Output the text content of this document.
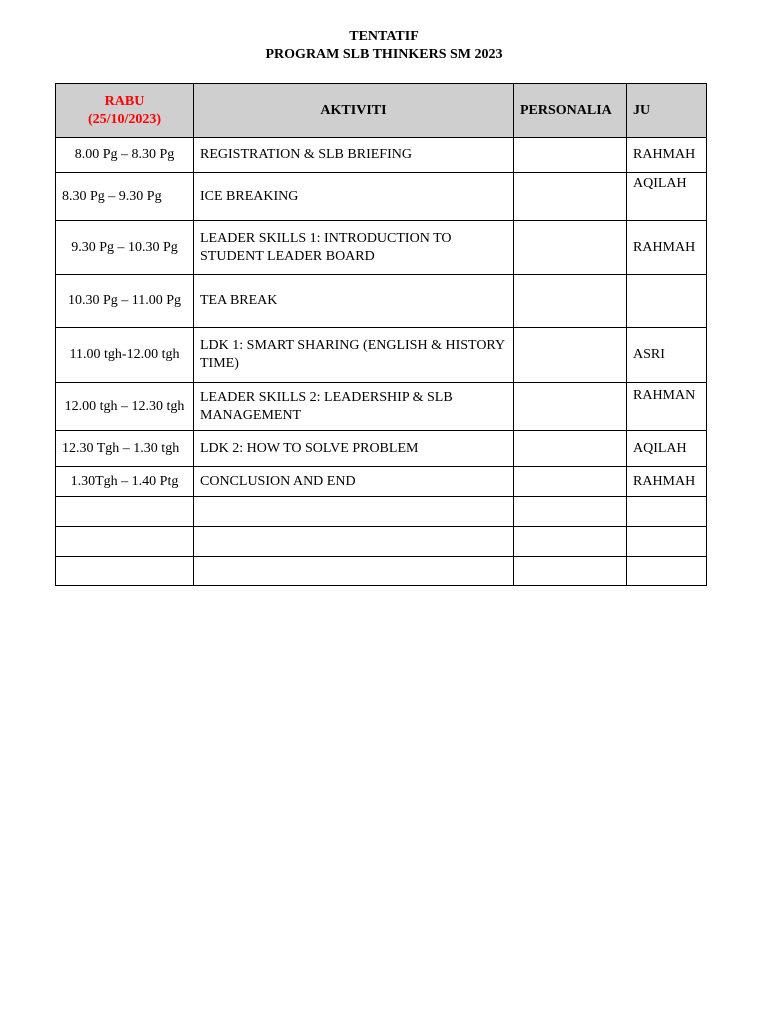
TENTATIF
PROGRAM SLB THINKERS SM 2023
RABU
(25/10/2023)	AKTIVITI	PERSONALIA	JU
8.00 Pg – 8.30 Pg	REGISTRATION & SLB BRIEFING		RAHMAH
8.30 Pg – 9.30 Pg	ICE BREAKING		AQILAH
9.30 Pg – 10.30 Pg	LEADER SKILLS 1: INTRODUCTION TO STUDENT LEADER BOARD		RAHMAH
10.30 Pg – 11.00 Pg	TEA BREAK		
11.00 tgh-12.00 tgh	LDK 1: SMART SHARING (ENGLISH & HISTORY TIME)		ASRI
12.00 tgh – 12.30 tgh	LEADER SKILLS 2: LEADERSHIP & SLB MANAGEMENT		RAHMAN
12.30 Tgh – 1.30 tgh	LDK 2: HOW TO SOLVE PROBLEM		AQILAH
1.30Tgh – 1.40 Ptg	CONCLUSION AND END		RAHMAH
